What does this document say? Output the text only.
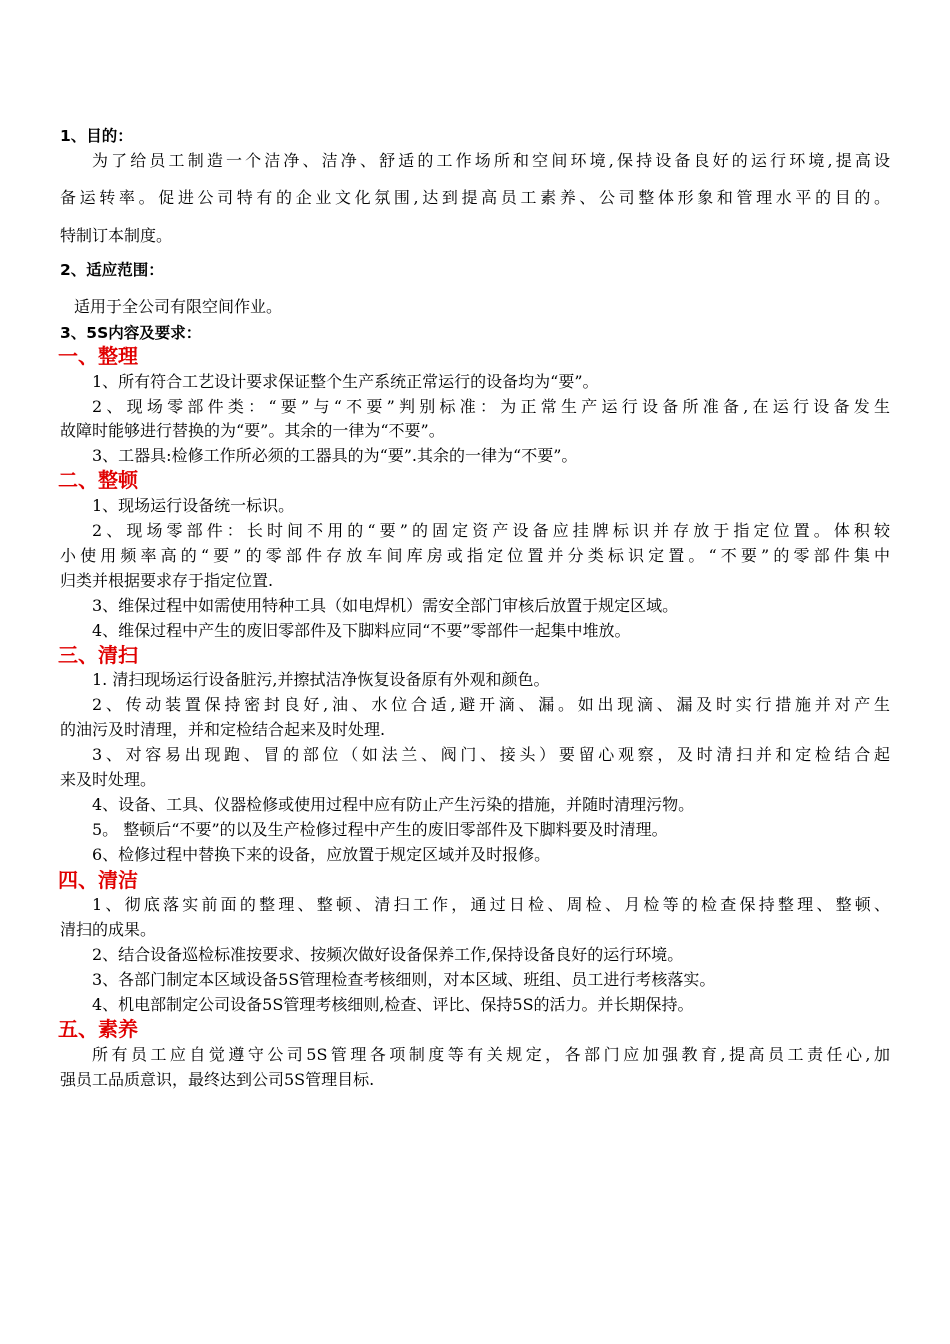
1、目的：
为了给员工制造一个洁净、洁净、舒适的工作场所和空间环境,保持设备良好的运行环境,提高设
备运转率。促进公司特有的企业文化氛围,达到提高员工素养、公司整体形象和管理水平的目的。
特制订本制度。
2、适应范围：
适用于全公司有限空间作业。
3、5S内容及要求：
一、整理
1、所有符合工艺设计要求保证整个生产系统正常运行的设备均为“要”。
2、现场零部件类：“要”与“不要”判别标准：为正常生产运行设备所准备,在运行设备发生
故障时能够进行替换的为“要”。其余的一律为“不要”。
3、工器具:检修工作所必须的工器具的为“要”.其余的一律为“不要”。
二、整顿
1、现场运行设备统一标识。
2、现场零部件：长时间不用的“要”的固定资产设备应挂牌标识并存放于指定位置。体积较
小使用频率高的“要”的零部件存放车间库房或指定位置并分类标识定置。“不要”的零部件集中
归类并根据要求存于指定位置.
3、维保过程中如需使用特种工具（如电焊机）需安全部门审核后放置于规定区域。
4、维保过程中产生的废旧零部件及下脚料应同“不要”零部件一起集中堆放。
三、清扫
1. 清扫现场运行设备脏污,并擦拭洁净恢复设备原有外观和颜色。
2、传动装置保持密封良好,油、水位合适,避开滴、漏。如出现滴、漏及时实行措施并对产生
的油污及时清理，并和定检结合起来及时处理.
3、对容易出现跑、冒的部位（如法兰、阀门、接头）要留心观察，及时清扫并和定检结合起
来及时处理。
4、设备、工具、仪器检修或使用过程中应有防止产生污染的措施，并随时清理污物。
5。 整顿后“不要”的以及生产检修过程中产生的废旧零部件及下脚料要及时清理。
6、检修过程中替换下来的设备，应放置于规定区域并及时报修。
四、清洁
1、彻底落实前面的整理、整顿、清扫工作，通过日检、周检、月检等的检查保持整理、整顿、
清扫的成果。
2、结合设备巡检标准按要求、按频次做好设备保养工作,保持设备良好的运行环境。
3、各部门制定本区域设备5S管理检查考核细则，对本区域、班组、员工进行考核落实。
4、机电部制定公司设备5S管理考核细则,检查、评比、保持5S的活力。并长期保持。
五、素养
所有员工应自觉遵守公司5S管理各项制度等有关规定，各部门应加强教育,提高员工责任心,加
强员工品质意识，最终达到公司5S管理目标.
